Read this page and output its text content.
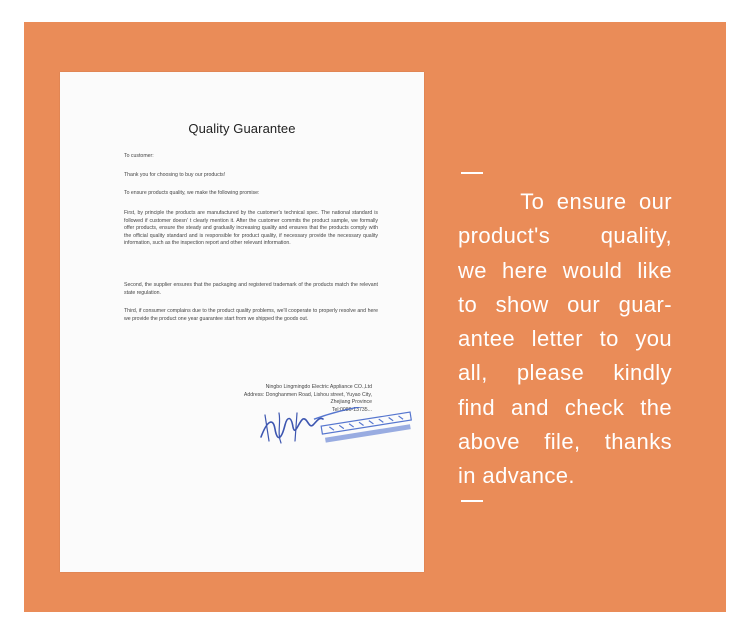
Quality Guarantee
To customer:
Thank you for choosing to buy our products!
To ensure products quality, we make the following promise:
First, by principle the products are manufactured by the customer's technical spec. The national standard is followed if customer doesn' t clearly mention it. After the customer commits the product sample, we formally offer products, ensure the steady and gradually increasing quality and ensures that the products comply with the official quality standard and is responsible for product quality, if necessary provide the necessary quality information, such as the inspection report and other relevant information.
Second, the supplier ensures that the packaging and registered trademark of the products match the relevant state regulation.
Third, if consumer complains due to the product quality problems, we'll cooperate to properly resolve and here we provide the product one year guarantee start from we shipped the goods out.
Ningbo Lingmingdo Electric Appliance CO.,Ltd
Address: Donghanmen Road, Lishou street, Yuyao City,
Zhejiang Province
Tel:0086-13735...
To ensure our
product's  quality,
we here would like
to show our guar-
antee letter to you
all, please kindly
find and check the
above file, thanks
in advance.
